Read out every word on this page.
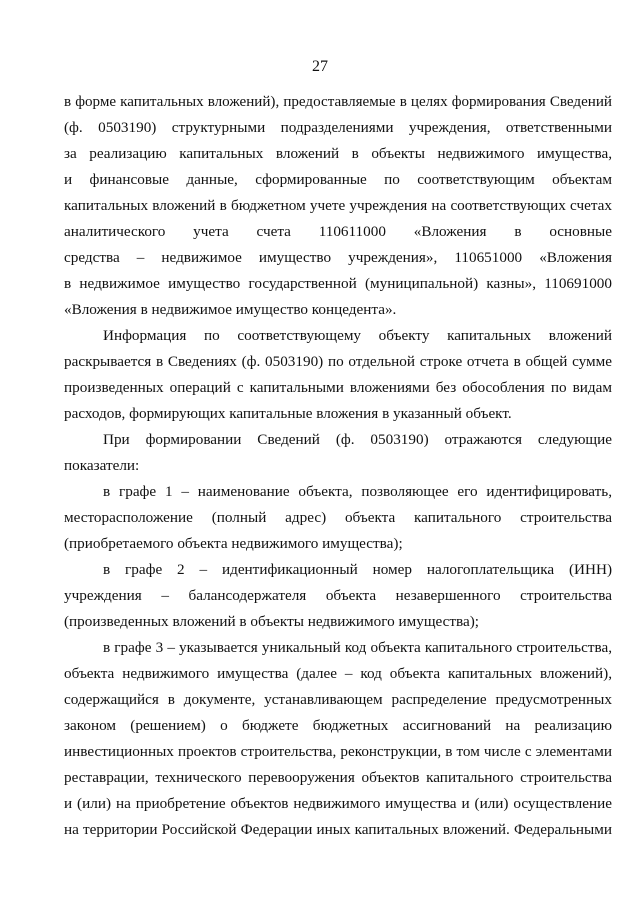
27
в форме капитальных вложений), предоставляемые в целях формирования Сведений
(ф. 0503190) структурными подразделениями учреждения, ответственными
за реализацию капитальных вложений в объекты недвижимого имущества,
и финансовые данные, сформированные по соответствующим объектам
капитальных вложений в бюджетном учете учреждения на соответствующих счетах
аналитического учета счета 110611000 «Вложения в основные
средства – недвижимое имущество учреждения», 110651000 «Вложения
в недвижимое имущество государственной (муниципальной) казны», 110691000
«Вложения в недвижимое имущество концедента».
Информация по соответствующему объекту капитальных вложений
раскрывается в Сведениях (ф. 0503190) по отдельной строке отчета в общей сумме
произведенных операций с капитальными вложениями без обособления по видам
расходов, формирующих капитальные вложения в указанный объект.
При формировании Сведений (ф. 0503190) отражаются следующие
показатели:
в графе 1 – наименование объекта, позволяющее его идентифицировать,
месторасположение (полный адрес) объекта капитального строительства
(приобретаемого объекта недвижимого имущества);
в графе 2 – идентификационный номер налогоплательщика (ИНН)
учреждения – балансодержателя объекта незавершенного строительства
(произведенных вложений в объекты недвижимого имущества);
в графе 3 – указывается уникальный код объекта капитального строительства,
объекта недвижимого имущества (далее – код объекта капитальных вложений),
содержащийся в документе, устанавливающем распределение предусмотренных
законом (решением) о бюджете бюджетных ассигнований на реализацию
инвестиционных проектов строительства, реконструкции, в том числе с элементами
реставрации, технического перевооружения объектов капитального строительства
и (или) на приобретение объектов недвижимого имущества и (или) осуществление
на территории Российской Федерации иных капитальных вложений. Федеральными
